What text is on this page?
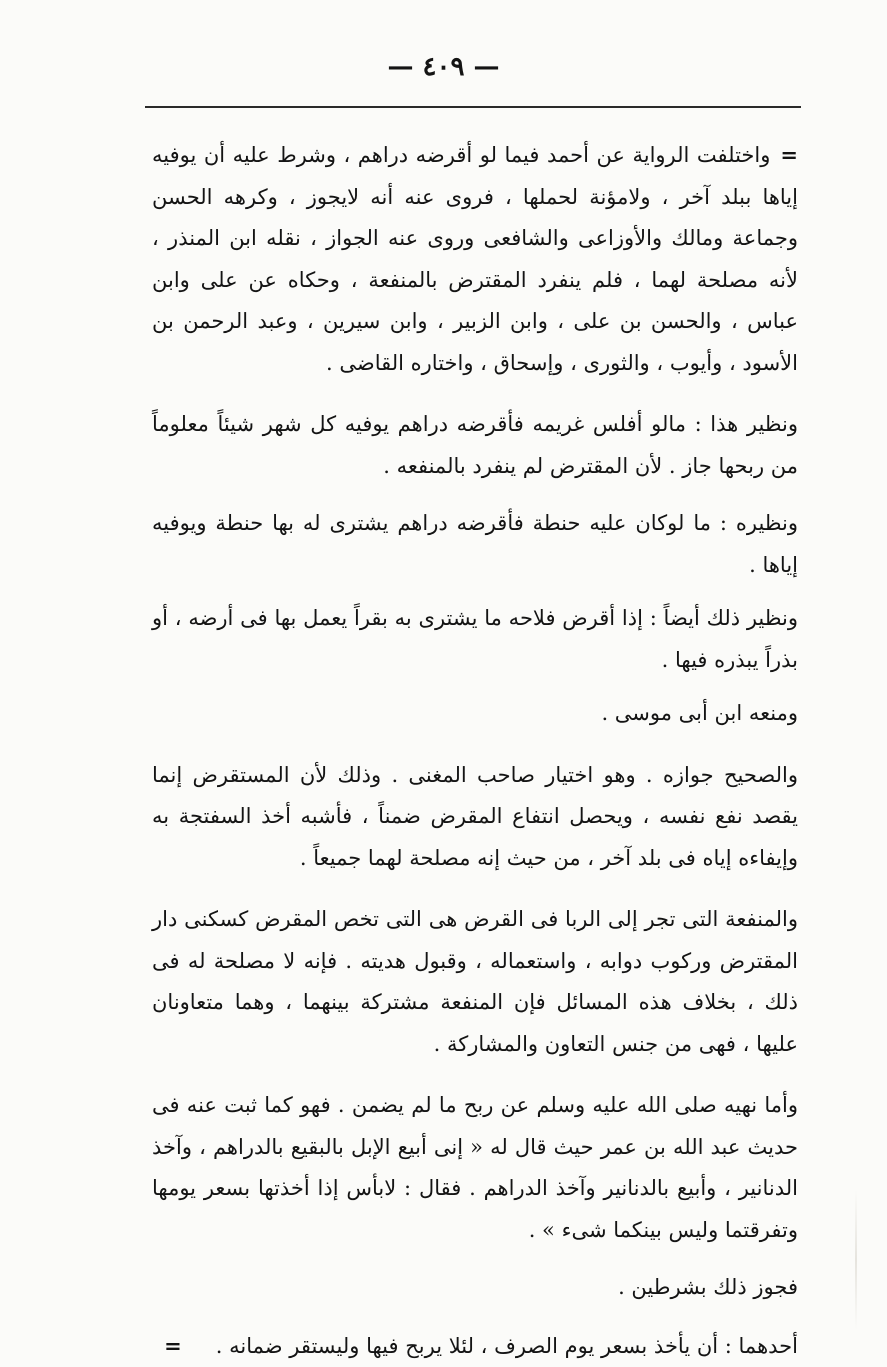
— ٤٠٩ —

=واختلفت الرواية عن أحمد فيما لو أقرضه دراهم ، وشرط عليه أن يوفيه إياها ببلد آخر ، ولامؤنة لحملها ، فروى عنه أنه لايجوز ، وكرهه الحسن وجماعة ومالك والأوزاعى والشافعى وروى عنه الجواز ، نقله ابن المنذر ، لأنه مصلحة لهما ، فلم ينفرد المقترض بالمنفعة ، وحكاه عن على وابن عباس ، والحسن بن على ، وابن الزبير ، وابن سيرين ، وعبد الرحمن بن الأسود ، وأيوب ، والثورى ، وإسحاق ، واختاره القاضى .

ونظير هذا : مالو أفلس غريمه فأقرضه دراهم يوفيه كل شهر شيئاً معلوماً من ربحها جاز . لأن المقترض لم ينفرد بالمنفعه .

ونظيره : ما لوكان عليه حنطة فأقرضه دراهم يشترى له بها حنطة ويوفيه إياها .

ونظير ذلك أيضاً : إذا أقرض فلاحه ما يشترى به بقراً يعمل بها فى أرضه ، أو بذراً يبذره فيها .

ومنعه ابن أبى موسى .

والصحيح جوازه . وهو اختيار صاحب المغنى . وذلك لأن المستقرض إنما يقصد نفع نفسه ، ويحصل انتفاع المقرض ضمناً ، فأشبه أخذ السفتجة به وإيفاءه إياه فى بلد آخر ، من حيث إنه مصلحة لهما جميعاً .

والمنفعة التى تجر إلى الربا فى القرض هى التى تخص المقرض كسكنى دار المقترض وركوب دوابه ، واستعماله ، وقبول هديته . فإنه لا مصلحة له فى ذلك ، بخلاف هذه المسائل فإن المنفعة مشتركة بينهما ، وهما متعاونان عليها ، فهى من جنس التعاون والمشاركة .

وأما نهيه صلى الله عليه وسلم عن ربح ما لم يضمن . فهو كما ثبت عنه فى حديث عبد الله بن عمر حيث قال له « إنى أبيع الإبل بالبقيع بالدراهم ، وآخذ الدنانير ، وأبيع بالدنانير وآخذ الدراهم . فقال : لابأس إذا أخذتها بسعر يومها وتفرقتما وليس بينكما شىء » .

فجوز ذلك بشرطين .

أحدهما : أن يأخذ بسعر يوم الصرف ، لئلا يربح فيها وليستقر ضمانه .=
